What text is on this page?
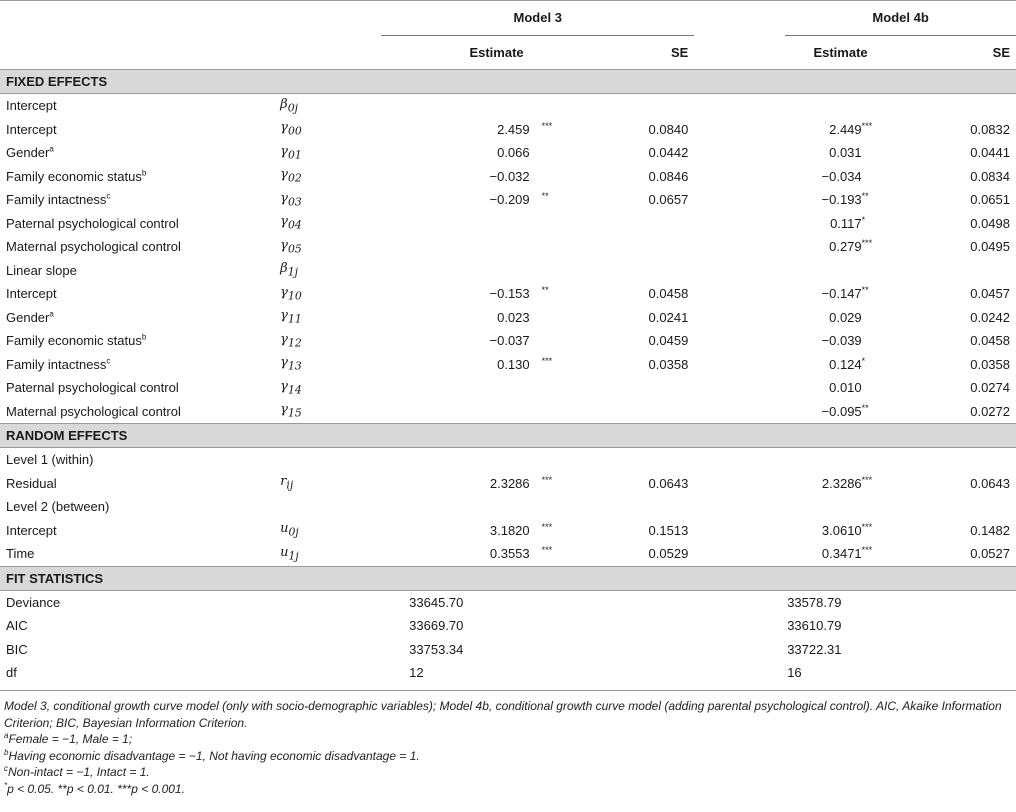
		Model 3				Model 4b	
		Estimate		SE		Estimate	SE
FIXED EFFECTS							
Intercept	$\beta_{0j}$						
Intercept	$\gamma_{00}$	2.459	***	0.0840		2.449***	0.0832
Gender$^a$	$\gamma_{01}$	0.066		0.0442		0.031	0.0441
Family economic status$^b$	$\gamma_{02}$	−0.032		0.0846		−0.034	0.0834
Family intactness$^c$	$\gamma_{03}$	−0.209	**	0.0657		−0.193**	0.0651
Paternal psychological control	$\gamma_{04}$					0.117*	0.0498
Maternal psychological control	$\gamma_{05}$					0.279***	0.0495
Linear slope	$\beta_{1j}$						
Intercept	$\gamma_{10}$	−0.153	**	0.0458		−0.147**	0.0457
Gender$^a$	$\gamma_{11}$	0.023		0.0241		0.029	0.0242
Family economic status$^b$	$\gamma_{12}$	−0.037		0.0459		−0.039	0.0458
Family intactness$^c$	$\gamma_{13}$	0.130	***	0.0358		0.124*	0.0358
Paternal psychological control	$\gamma_{14}$					0.010	0.0274
Maternal psychological control	$\gamma_{15}$					−0.095**	0.0272
RANDOM EFFECTS							
Level 1 (within)							
Residual	$r_{ij}$	2.3286	***	0.0643		2.3286***	0.0643
Level 2 (between)							
Intercept	$u_{0j}$	3.1820	***	0.1513		3.0610***	0.1482
Time	$u_{1j}$	0.3553	***	0.0529		0.3471***	0.0527
FIT STATISTICS							
Deviance		33645.70				33578.79	
AIC		33669.70				33610.79	
BIC		33753.34				33722.31	
df		12				16	

Model 3, conditional growth curve model (only with socio-demographic variables); Model 4b, conditional growth curve model (adding parental psychological control). AIC, Akaike Information Criterion; BIC, Bayesian Information Criterion.

$^a$Female = −1, Male = 1;

$^b$Having economic disadvantage = −1, Not having economic disadvantage = 1.

$^c$Non-intact = −1, Intact = 1.

*p < 0.05. **p < 0.01. ***p < 0.001.
